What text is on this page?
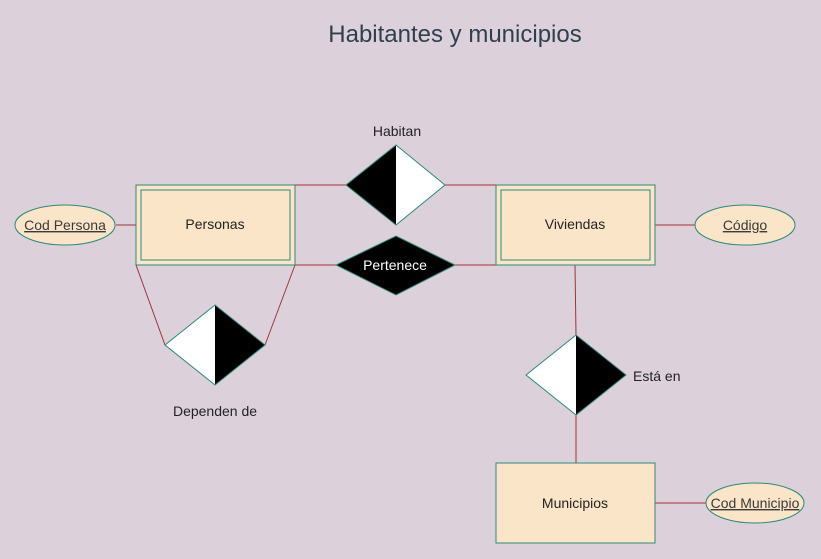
Habitantes y municipios
Personas	Viviendas
Municipios
Cod Persona	Código
Cod Municipio
Habitan
Pertenece
Dependen de
Está en
